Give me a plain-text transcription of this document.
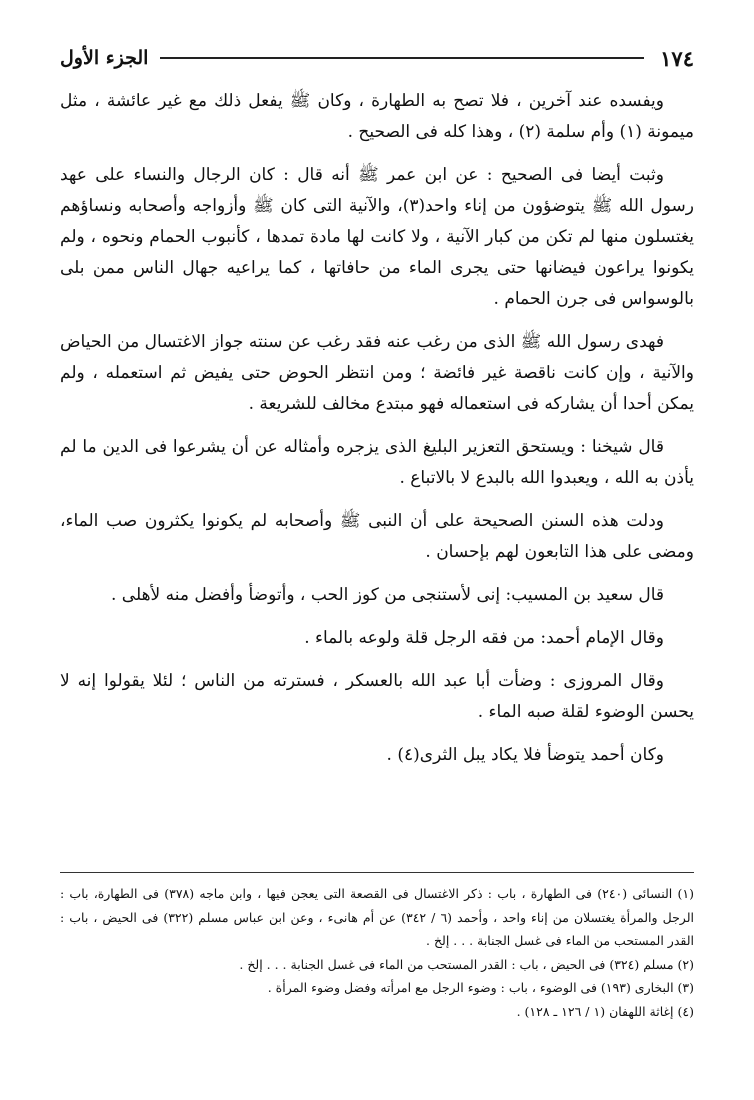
١٧٤
الجزء الأول

ويفسده عند آخرين ، فلا تصح به الطهارة ، وكان ﷺ يفعل ذلك مع غير عائشة ، مثل ميمونة (١) وأم سلمة (٢) ، وهذا كله فى الصحيح .

وثبت أيضا فى الصحيح : عن ابن عمر ﷺ أنه قال : كان الرجال والنساء على عهد رسول الله ﷺ يتوضؤون من إناء واحد(٣)، والآنية التى كان ﷺ وأزواجه وأصحابه ونساؤهم يغتسلون منها لم تكن من كبار الآنية ، ولا كانت لها مادة تمدها ، كأنبوب الحمام ونحوه ، ولم يكونوا يراعون فيضانها حتى يجرى الماء من حافاتها ، كما يراعيه جهال الناس ممن بلى بالوسواس فى جرن الحمام .

فهدى رسول الله ﷺ الذى من رغب عنه فقد رغب عن سنته جواز الاغتسال من الحياض والآنية ، وإن كانت ناقصة غير فائضة ؛ ومن انتظر الحوض حتى يفيض ثم استعمله ، ولم يمكن أحدا أن يشاركه فى استعماله فهو مبتدع مخالف للشريعة .

قال شيخنا : ويستحق التعزير البليغ الذى يزجره وأمثاله عن أن يشرعوا فى الدين ما لم يأذن به الله ، ويعبدوا الله بالبدع لا بالاتباع .

ودلت هذه السنن الصحيحة على أن النبى ﷺ وأصحابه لم يكونوا يكثرون صب الماء، ومضى على هذا التابعون لهم بإحسان .

قال سعيد بن المسيب: إنى لأستنجى من كوز الحب ، وأتوضأ وأفضل منه لأهلى .

وقال الإمام أحمد: من فقه الرجل قلة ولوعه بالماء .

وقال المروزى : وضأت أبا عبد الله بالعسكر ، فسترته من الناس ؛ لئلا يقولوا إنه لا يحسن الوضوء لقلة صبه الماء .

وكان أحمد يتوضأ فلا يكاد يبل الثرى(٤) .

(١) النسائى (٢٤٠) فى الطهارة ، باب : ذكر الاغتسال فى القصعة التى يعجن فيها ، وابن ماجه (٣٧٨) فى الطهارة، باب : الرجل والمرأة يغتسلان من إناء واحد ، وأحمد (٦ / ٣٤٢) عن أم هانىء ، وعن ابن عباس مسلم (٣٢٢) فى الحيض ، باب : القدر المستحب من الماء فى غسل الجنابة . . . إلخ .

(٢) مسلم (٣٢٤) فى الحيض ، باب : القدر المستحب من الماء فى غسل الجنابة . . . إلخ .

(٣) البخارى (١٩٣) فى الوضوء ، باب : وضوء الرجل مع امرأته وفضل وضوء المرأة .

(٤) إغاثة اللهفان (١ / ١٢٦ ـ ١٢٨) .
